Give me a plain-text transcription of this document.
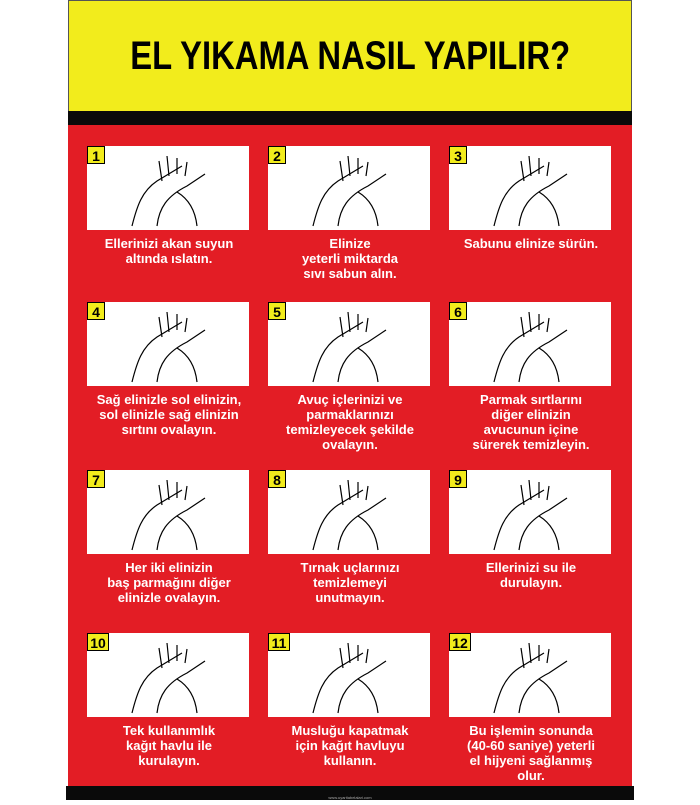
EL YIKAMA NASIL YAPILIR?
www.uyaritabelalari.com
1
Ellerinizi akan suyun
altında ıslatın.
2
Elinize
yeterli miktarda
sıvı sabun alın.
3
Sabunu elinize sürün.
4
Sağ elinizle sol elinizin,
sol elinizle sağ elinizin
sırtını ovalayın.
5
Avuç içlerinizi ve
parmaklarınızı
temizleyecek şekilde
ovalayın.
6
Parmak sırtlarını
diğer elinizin
avucunun içine
sürerek temizleyin.
7
Her iki elinizin
baş parmağını diğer
elinizle ovalayın.
8
Tırnak uçlarınızı
temizlemeyi
unutmayın.
9
Ellerinizi su ile
durulayın.
10
Tek kullanımlık
kağıt havlu ile
kurulayın.
11
Musluğu kapatmak
için kağıt havluyu
kullanın.
12
Bu işlemin sonunda
(40-60 saniye) yeterli
el hijyeni sağlanmış
olur.
